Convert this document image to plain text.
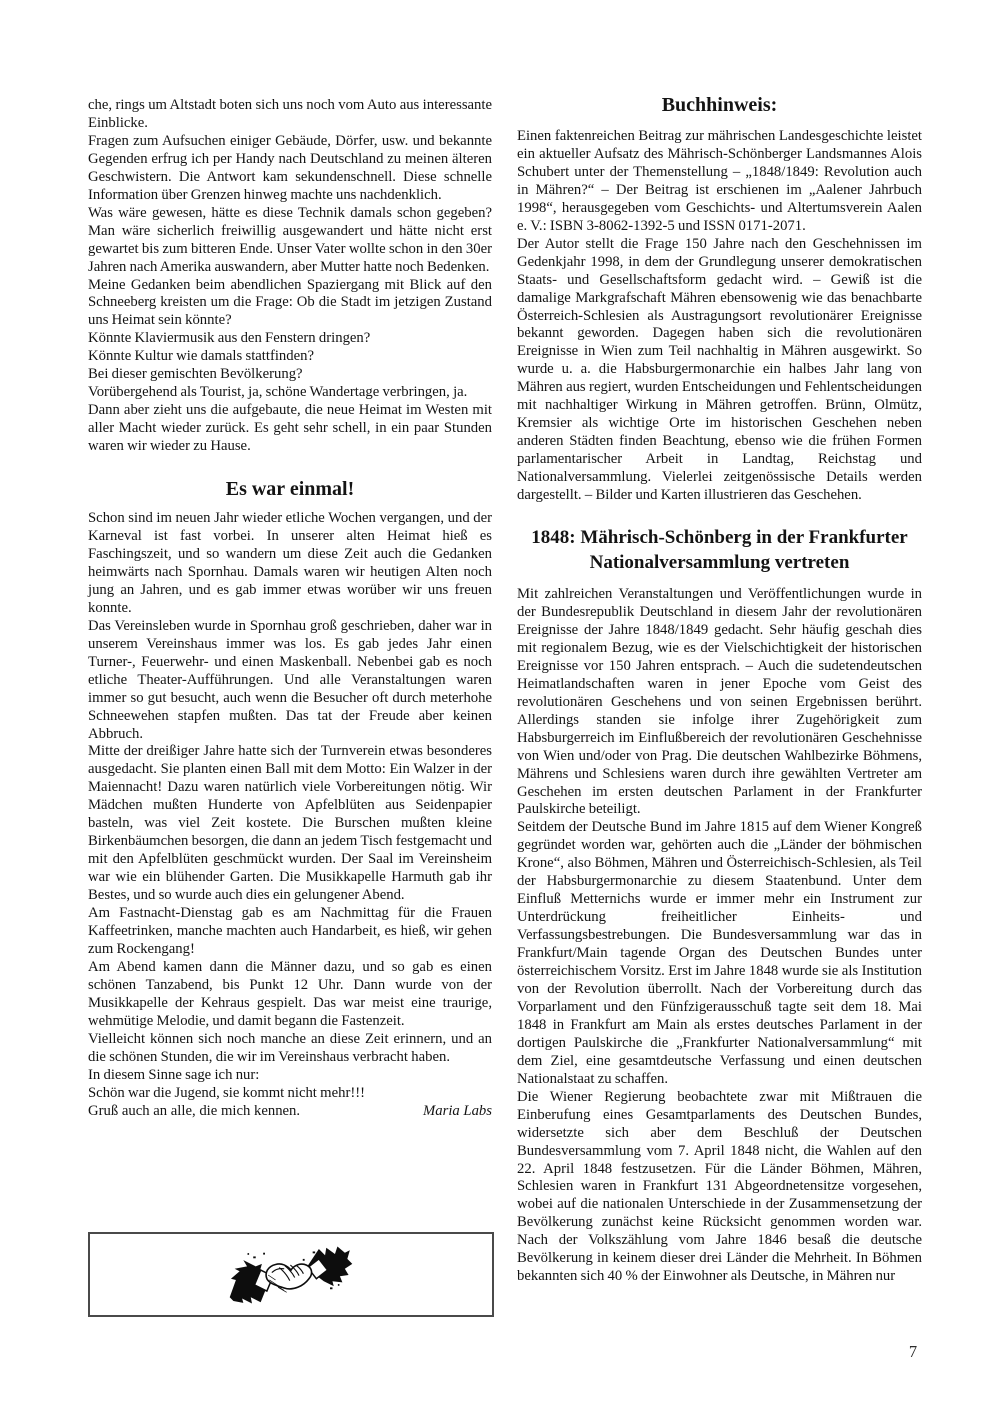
che, rings um Altstadt boten sich uns noch vom Auto aus interessante Einblicke.

Fragen zum Aufsuchen einiger Gebäude, Dörfer, usw. und bekannte Gegenden erfrug ich per Handy nach Deutschland zu meinen älteren Geschwistern. Die Antwort kam sekundenschnell. Diese schnelle Information über Grenzen hinweg machte uns nachdenklich.

Was wäre gewesen, hätte es diese Technik damals schon gegeben? Man wäre sicherlich freiwillig ausgewandert und hätte nicht erst gewartet bis zum bitteren Ende. Unser Vater wollte schon in den 30er Jahren nach Amerika auswandern, aber Mutter hatte noch Bedenken.

Meine Gedanken beim abendlichen Spaziergang mit Blick auf den Schneeberg kreisten um die Frage: Ob die Stadt im jetzigen Zustand uns Heimat sein könnte?

Könnte Klaviermusik aus den Fenstern dringen?

Könnte Kultur wie damals stattfinden?

Bei dieser gemischten Bevölkerung?

Vorübergehend als Tourist, ja, schöne Wandertage verbringen, ja.

Dann aber zieht uns die aufgebaute, die neue Heimat im Westen mit aller Macht wieder zurück. Es geht sehr schell, in ein paar Stunden waren wir wieder zu Hause.

Es war einmal!

Schon sind im neuen Jahr wieder etliche Wochen vergangen, und der Karneval ist fast vorbei. In unserer alten Heimat hieß es Faschingszeit, und so wandern um diese Zeit auch die Gedanken heimwärts nach Spornhau. Damals waren wir heutigen Alten noch jung an Jahren, und es gab immer etwas worüber wir uns freuen konnte.

Das Vereinsleben wurde in Spornhau groß geschrieben, daher war in unserem Vereinshaus immer was los. Es gab jedes Jahr einen Turner-, Feuerwehr- und einen Maskenball. Nebenbei gab es noch etliche Theater-Aufführungen. Und alle Veranstaltungen waren immer so gut besucht, auch wenn die Besucher oft durch meterhohe Schneewehen stapfen mußten. Das tat der Freude aber keinen Abbruch.

Mitte der dreißiger Jahre hatte sich der Turnverein etwas besonderes ausgedacht. Sie planten einen Ball mit dem Motto: Ein Walzer in der Maiennacht! Dazu waren natürlich viele Vorbereitungen nötig. Wir Mädchen mußten Hunderte von Apfelblüten aus Seidenpapier basteln, was viel Zeit kostete. Die Burschen mußten kleine Birkenbäumchen besorgen, die dann an jedem Tisch festgemacht und mit den Apfelblüten geschmückt wurden. Der Saal im Vereinsheim war wie ein blühender Garten. Die Musikkapelle Harmuth gab ihr Bestes, und so wurde auch dies ein gelungener Abend.

Am Fastnacht-Dienstag gab es am Nachmittag für die Frauen Kaffeetrinken, manche machten auch Handarbeit, es hieß, wir gehen zum Rockengang!

Am Abend kamen dann die Männer dazu, und so gab es einen schönen Tanzabend, bis Punkt 12 Uhr. Dann wurde von der Musikkapelle der Kehraus gespielt. Das war meist eine traurige, wehmütige Melodie, und damit begann die Fastenzeit.

Vielleicht können sich noch manche an diese Zeit erinnern, und an die schönen Stunden, die wir im Vereinshaus verbracht haben.

In diesem Sinne sage ich nur:

Schön war die Jugend, sie kommt nicht mehr!!!

Gruß auch an alle, die mich kennen.	Maria Labs
Buchhinweis:

Einen faktenreichen Beitrag zur mährischen Landesgeschichte leistet ein aktueller Aufsatz des Mährisch-Schönberger Landsmannes Alois Schubert unter der Themenstellung – „1848/1849: Revolution auch in Mähren?“ – Der Beitrag ist erschienen im „Aalener Jahrbuch 1998“, herausgegeben vom Geschichts- und Altertumsverein Aalen e. V.: ISBN 3-8062-1392-5 und ISSN 0171-2071.

Der Autor stellt die Frage 150 Jahre nach den Geschehnissen im Gedenkjahr 1998, in dem der Grundlegung unserer demokratischen Staats- und Gesellschaftsform gedacht wird. – Gewiß ist die damalige Markgrafschaft Mähren ebensowenig wie das benachbarte Österreich-Schlesien als Austragungsort revolutionärer Ereignisse bekannt geworden. Dagegen haben sich die revolutionären Ereignisse in Wien zum Teil nachhaltig in Mähren ausgewirkt. So wurde u. a. die Habsburgermonarchie ein halbes Jahr lang von Mähren aus regiert, wurden Entscheidungen und Fehlentscheidungen mit nachhaltiger Wirkung in Mähren getroffen. Brünn, Olmütz, Kremsier als wichtige Orte im historischen Geschehen neben anderen Städten finden Beachtung, ebenso wie die frühen Formen parlamentarischer Arbeit in Landtag, Reichstag und Nationalversammlung. Vielerlei zeitgenössische Details werden dargestellt. – Bilder und Karten illustrieren das Geschehen.

1848: Mährisch-Schönberg in der Frankfurter Nationalversammlung vertreten

Mit zahlreichen Veranstaltungen und Veröffentlichungen wurde in der Bundesrepublik Deutschland in diesem Jahr der revolutionären Ereignisse der Jahre 1848/1849 gedacht. Sehr häufig geschah dies mit regionalem Bezug, wie es der Vielschichtigkeit der historischen Ereignisse vor 150 Jahren entsprach. – Auch die sudetendeutschen Heimatlandschaften waren in jener Epoche vom Geist des revolutionären Geschehens und von seinen Ergebnissen berührt. Allerdings standen sie infolge ihrer Zugehörigkeit zum Habsburgerreich im Einflußbereich der revolutionären Geschehnisse von Wien und/oder von Prag. Die deutschen Wahlbezirke Böhmens, Mährens und Schlesiens waren durch ihre gewählten Vertreter am Geschehen im ersten deutschen Parlament in der Frankfurter Paulskirche beteiligt.

Seitdem der Deutsche Bund im Jahre 1815 auf dem Wiener Kongreß gegründet worden war, gehörten auch die „Länder der böhmischen Krone“, also Böhmen, Mähren und Österreichisch-Schlesien, als Teil der Habsburgermonarchie zu diesem Staatenbund. Unter dem Einfluß Metternichs wurde er immer mehr ein Instrument zur Unterdrückung freiheitlicher Einheits- und Verfassungsbestrebungen. Die Bundesversammlung war das in Frankfurt/Main tagende Organ des Deutschen Bundes unter österreichischem Vorsitz. Erst im Jahre 1848 wurde sie als Institution von der Revolution überrollt. Nach der Vorbereitung durch das Vorparlament und den Fünfzigerausschuß tagte seit dem 18. Mai 1848 in Frankfurt am Main als erstes deutsches Parlament in der dortigen Paulskirche die „Frankfurter Nationalversammlung“ mit dem Ziel, eine gesamtdeutsche Verfassung und einen deutschen Nationalstaat zu schaffen.

Die Wiener Regierung beobachtete zwar mit Mißtrauen die Einberufung eines Gesamtparlaments des Deutschen Bundes, widersetzte sich aber dem Beschluß der Deutschen Bundesversammlung vom 7. April 1848 nicht, die Wahlen auf den 22. April 1848 festzusetzen. Für die Länder Böhmen, Mähren, Schlesien waren in Frankfurt 131 Abgeordnetensitze vorgesehen, wobei auf die nationalen Unterschiede in der Zusammensetzung der Bevölkerung zunächst keine Rücksicht genommen worden war. Nach der Volkszählung vom Jahre 1846 besaß die deutsche Bevölkerung in keinem dieser drei Länder die Mehrheit. In Böhmen bekannten sich 40 % der Einwohner als Deutsche, in Mähren nur

7
